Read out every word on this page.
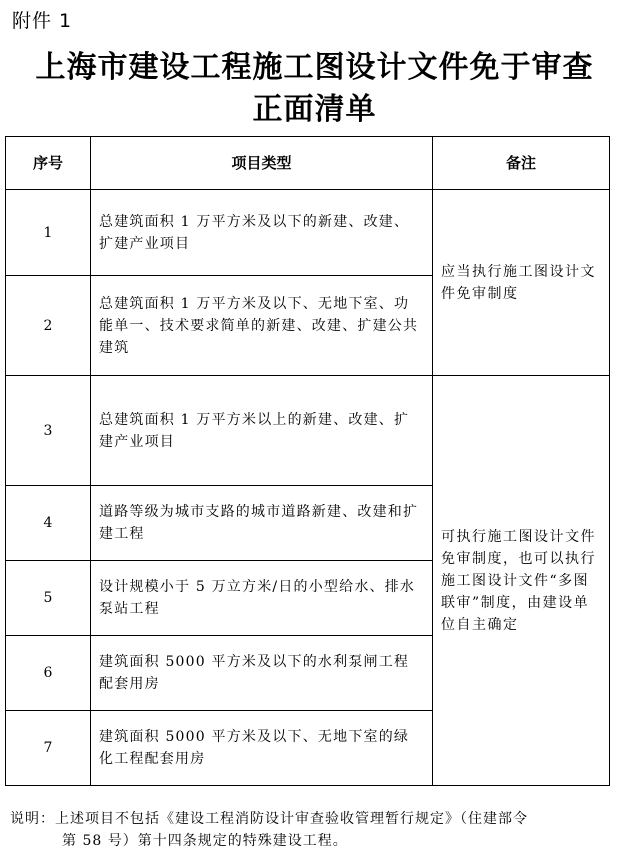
附件 1
上海市建设工程施工图设计文件免于审查
正面清单
序号	项目类型	备注
1	总建筑面积 1 万平方米及以下的新建、改建、扩建产业项目	应当执行施工图设计文件免审制度
2	总建筑面积 1 万平方米及以下、无地下室、功能单一、技术要求简单的新建、改建、扩建公共建筑	
3	总建筑面积 1 万平方米以上的新建、改建、扩建产业项目	可执行施工图设计文件免审制度，也可以执行施工图设计文件“多图联审”制度，由建设单位自主确定
4	道路等级为城市支路的城市道路新建、改建和扩建工程	
5	设计规模小于 5 万立方米/日的小型给水、排水泵站工程	
6	建筑面积 5000 平方米及以下的水利泵闸工程配套用房	
7	建筑面积 5000 平方米及以下、无地下室的绿化工程配套用房	
说明：上述项目不包括《建设工程消防设计审查验收管理暂行规定》（住建部令
第 58 号）第十四条规定的特殊建设工程。
